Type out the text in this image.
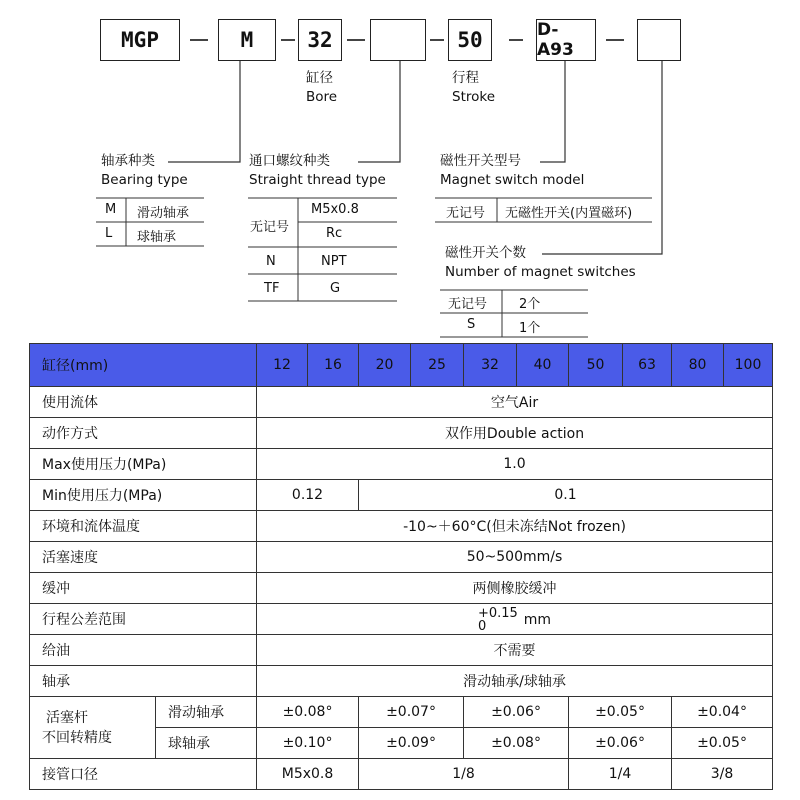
MGP	M	32	50	D-A93
缸径
Bore
行程
Stroke
轴承种类
Bearing type
M 滑动轴承
L 球轴承
通口螺纹种类
Straight thread type
无记号
M5x0.8
Rc
N	NPT
TF	G
磁性开关型号
Magnet switch model
无记号 无磁性开关(内置磁环)
磁性开关个数
Number of magnet switches
无记号 2个
S	1个
缸径(mm)		12	16	20	25	32	40	50	63	80	100
使用流体		空气Air									
动作方式		双作用Double action									
Max使用压力(MPa)		1.0									
Min使用压力(MPa)		0.12		0.1							
环境和流体温度		-10~＋60°C(但未冻结Not frozen)									
活塞速度		50~500mm/s									
缓冲		两侧橡胶缓冲									
行程公差范围		+0.15
0 mm									

给油		不需要									
轴承		滑动轴承/球轴承									

活塞杆
不回转精度	滑动轴承	±0.08°		±0.07°		±0.06°		±0.05°		±0.04°	
	球轴承	±0.10°		±0.09°		±0.08°		±0.06°		±0.05°	
接管口径		M5x0.8		1/8				1/4		3/8	
